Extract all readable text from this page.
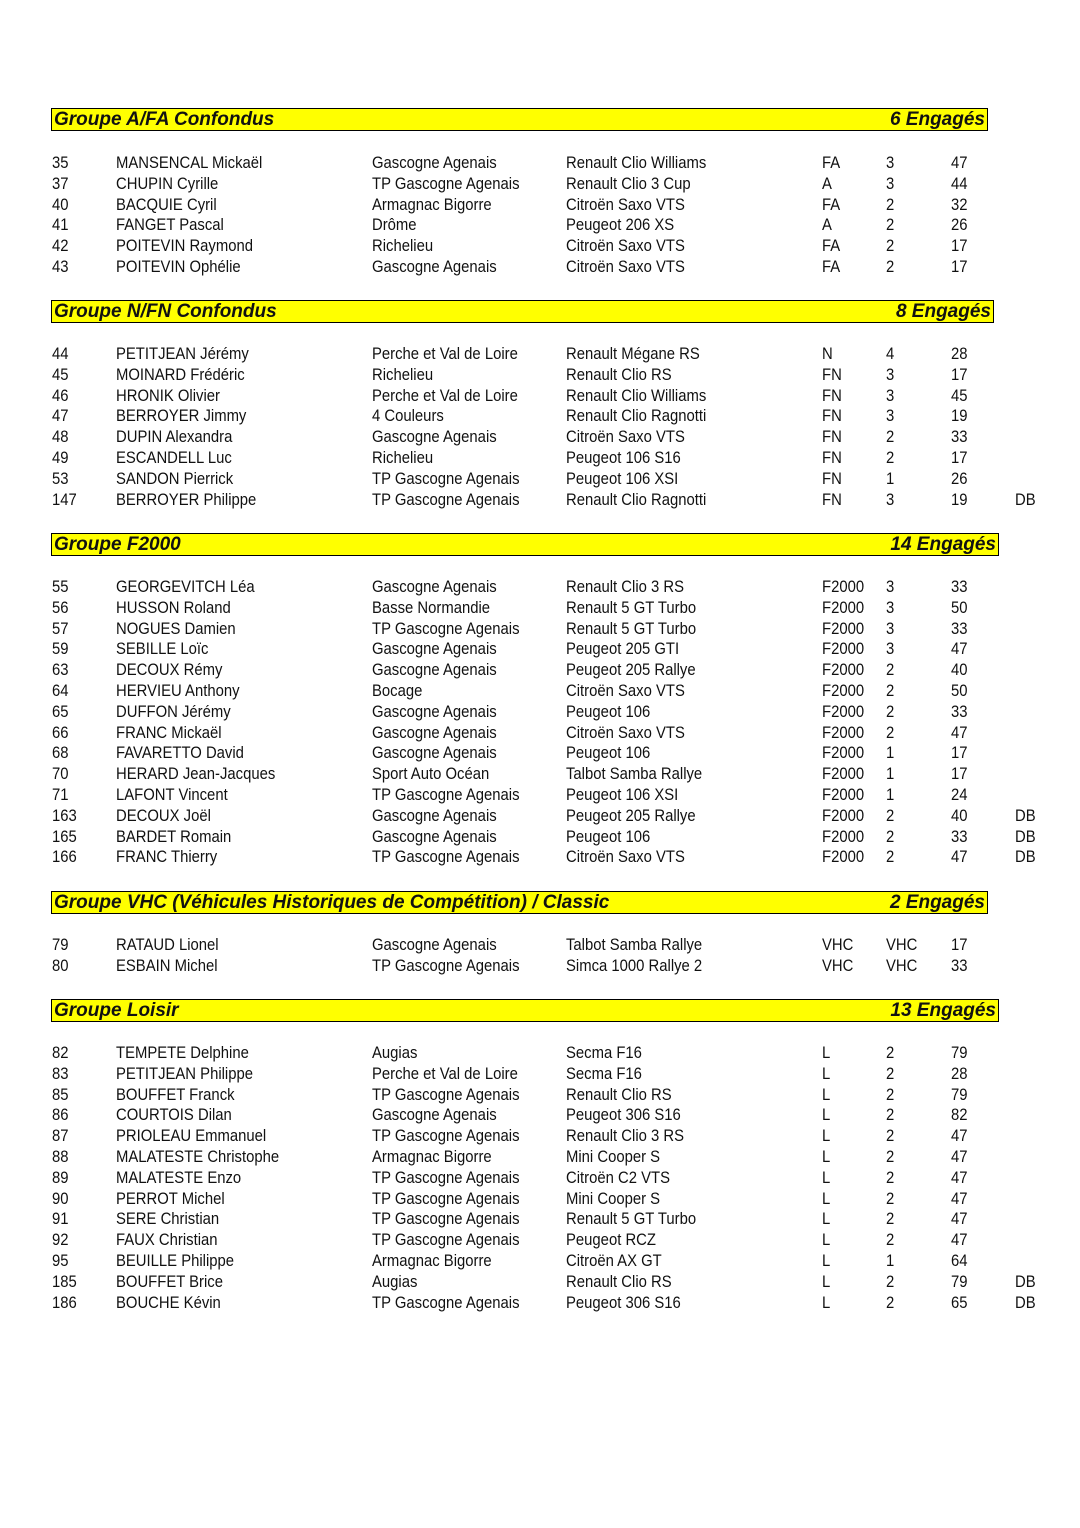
Groupe A/FA Confondus	6 Engagés
35	MANSENCAL Mickaël	Gascogne Agenais	Renault Clio Williams	FA	3	47
37	CHUPIN Cyrille	TP Gascogne Agenais	Renault Clio 3 Cup	A	3	44
40	BACQUIE Cyril	Armagnac Bigorre	Citroën Saxo VTS	FA	2	32
41	FANGET Pascal	Drôme	Peugeot 206 XS	A	2	26
42	POITEVIN Raymond	Richelieu	Citroën Saxo VTS	FA	2	17
43	POITEVIN Ophélie	Gascogne Agenais	Citroën Saxo VTS	FA	2	17
Groupe N/FN Confondus	8 Engagés
44	PETITJEAN Jérémy	Perche et Val de Loire	Renault Mégane RS	N	4	28
45	MOINARD Frédéric	Richelieu	Renault Clio RS	FN	3	17
46	HRONIK Olivier	Perche et Val de Loire	Renault Clio Williams	FN	3	45
47	BERROYER Jimmy	4 Couleurs	Renault Clio Ragnotti	FN	3	19
48	DUPIN Alexandra	Gascogne Agenais	Citroën Saxo VTS	FN	2	33
49	ESCANDELL Luc	Richelieu	Peugeot 106 S16	FN	2	17
53	SANDON Pierrick	TP Gascogne Agenais	Peugeot 106 XSI	FN	1	26
147 BERROYER Philippe	TP Gascogne Agenais	Renault Clio Ragnotti	FN	3	19	DB
Groupe F2000	14 Engagés
55	GEORGEVITCH Léa	Gascogne Agenais	Renault Clio 3 RS	F2000 3	33
56	HUSSON Roland	Basse Normandie	Renault 5 GT Turbo	F2000 3	50
57	NOGUES Damien	TP Gascogne Agenais	Renault 5 GT Turbo	F2000 3	33
59	SEBILLE Loïc	Gascogne Agenais	Peugeot 205 GTI	F2000 3	47
63	DECOUX Rémy	Gascogne Agenais	Peugeot 205 Rallye	F2000 2	40
64	HERVIEU Anthony	Bocage	Citroën Saxo VTS	F2000 2	50
65	DUFFON Jérémy	Gascogne Agenais	Peugeot 106	F2000 2	33
66	FRANC Mickaël	Gascogne Agenais	Citroën Saxo VTS	F2000 2	47
68	FAVARETTO David	Gascogne Agenais	Peugeot 106	F2000 1	17
70	HERARD Jean-Jacques	Sport Auto Océan	Talbot Samba Rallye	F2000 1	17
71	LAFONT Vincent	TP Gascogne Agenais	Peugeot 106 XSI	F2000 1	24
163 DECOUX Joël	Gascogne Agenais	Peugeot 205 Rallye	F2000 2	40	DB
165 BARDET Romain	Gascogne Agenais	Peugeot 106	F2000 2	33	DB
166 FRANC Thierry	TP Gascogne Agenais	Citroën Saxo VTS	F2000 2	47	DB
Groupe VHC (Véhicules Historiques de Compétition) / Classic	2 Engagés
79	RATAUD Lionel	Gascogne Agenais	Talbot Samba Rallye	VHC VHC 17
80	ESBAIN Michel	TP Gascogne Agenais	Simca 1000 Rallye 2	VHC VHC 33
Groupe Loisir	13 Engagés
82	TEMPETE Delphine	Augias	Secma F16	L	2	79
83	PETITJEAN Philippe	Perche et Val de Loire	Secma F16	L	2	28
85	BOUFFET Franck	TP Gascogne Agenais	Renault Clio RS	L	2	79
86	COURTOIS Dilan	Gascogne Agenais	Peugeot 306 S16	L	2	82
87	PRIOLEAU Emmanuel	TP Gascogne Agenais	Renault Clio 3 RS	L	2	47
88	MALATESTE Christophe	Armagnac Bigorre	Mini Cooper S	L	2	47
89	MALATESTE Enzo	TP Gascogne Agenais	Citroën C2 VTS	L	2	47
90	PERROT Michel	TP Gascogne Agenais	Mini Cooper S	L	2	47
91	SERE Christian	TP Gascogne Agenais	Renault 5 GT Turbo	L	2	47
92	FAUX Christian	TP Gascogne Agenais	Peugeot RCZ	L	2	47
95	BEUILLE Philippe	Armagnac Bigorre	Citroën AX GT	L	1	64
185 BOUFFET Brice	Augias	Renault Clio RS	L	2	79	DB
186 BOUCHE Kévin	TP Gascogne Agenais	Peugeot 306 S16	L	2	65	DB
